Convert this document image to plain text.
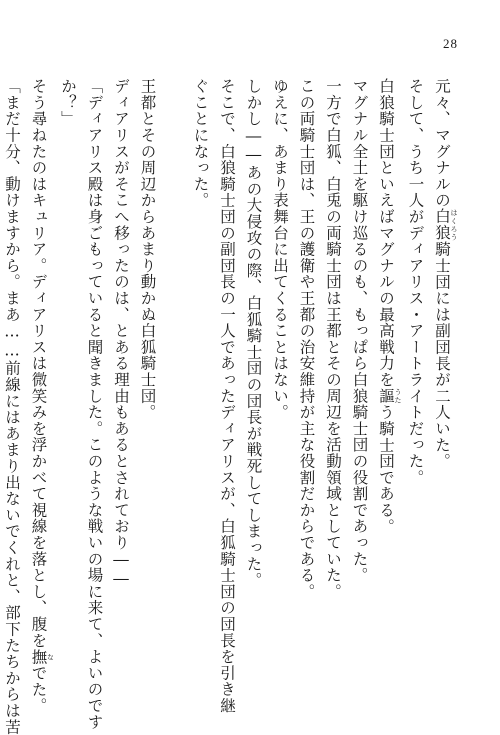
28
元々、マグナルの白狼 はくろう騎士団には副団長が二人いた。
そして、うち一人がディアリス・アートライトだった。
白狼騎士団といえばマグナルの最高戦力を謳 うたう騎士団である。
マグナル全土を駆け巡るのも、もっぱら白狼騎士団の役割であった。
一方で白狐、白兎の両騎士団は王都とその周辺を活動領域としていた。
この両騎士団は、王の護衛や王都の治安維持が主な役割だからである。
ゆえに、あまり表舞台に出てくることはない。
しかし――あの大侵攻の際、白狐騎士団の団長が戦死してしまった。
そこで、白狼騎士団の副団長の一人であったディアリスが、白狐騎士団の団長を引き継
ぐことになった。
王都とその周辺からあまり動かぬ白狐騎士団。
ディアリスがそこへ移ったのは、とある理由もあるとされており――
「ディアリス殿は身ごもっていると聞きました。このような戦いの場に来て、よいのです
か？」
そう尋ねたのはキュリア。ディアリスは微笑みを浮かべて視線を落とし、腹を撫 なでた。
「まだ十分、動けますから。まあ……前線にはあまり出ないでくれと、部下たちからは苦
